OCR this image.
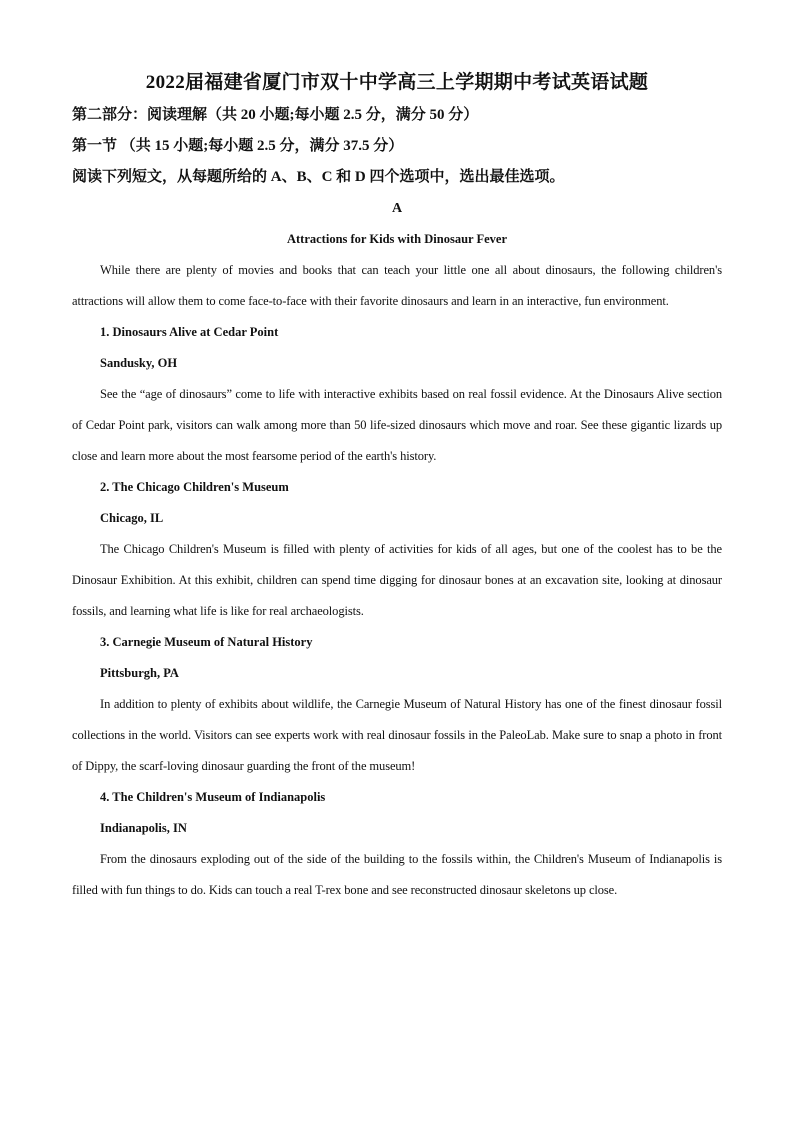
2022届福建省厦门市双十中学高三上学期期中考试英语试题

第二部分：阅读理解（共 20 小题;每小题 2.5 分，满分 50 分）

第一节 （共 15 小题;每小题 2.5 分，满分 37.5 分）

阅读下列短文，从每题所给的 A、B、C 和 D 四个选项中，选出最佳选项。

A

Attractions for Kids with Dinosaur Fever

While there are plenty of movies and books that can teach your little one all about dinosaurs, the following children's attractions will allow them to come face-to-face with their favorite dinosaurs and learn in an interactive, fun environment.

1. Dinosaurs Alive at Cedar Point

Sandusky, OH

See the “age of dinosaurs” come to life with interactive exhibits based on real fossil evidence. At the Dinosaurs Alive section of Cedar Point park, visitors can walk among more than 50 life-sized dinosaurs which move and roar. See these gigantic lizards up close and learn more about the most fearsome period of the earth's history.

2. The Chicago Children's Museum

Chicago, IL

The Chicago Children's Museum is filled with plenty of activities for kids of all ages, but one of the coolest has to be the Dinosaur Exhibition. At this exhibit, children can spend time digging for dinosaur bones at an excavation site, looking at dinosaur fossils, and learning what life is like for real archaeologists.

3. Carnegie Museum of Natural History

Pittsburgh, PA

In addition to plenty of exhibits about wildlife, the Carnegie Museum of Natural History has one of the finest dinosaur fossil collections in the world. Visitors can see experts work with real dinosaur fossils in the PaleoLab. Make sure to snap a photo in front of Dippy, the scarf-loving dinosaur guarding the front of the museum!

4. The Children's Museum of Indianapolis

Indianapolis, IN

From the dinosaurs exploding out of the side of the building to the fossils within, the Children's Museum of Indianapolis is filled with fun things to do. Kids can touch a real T-rex bone and see reconstructed dinosaur skeletons up close.
